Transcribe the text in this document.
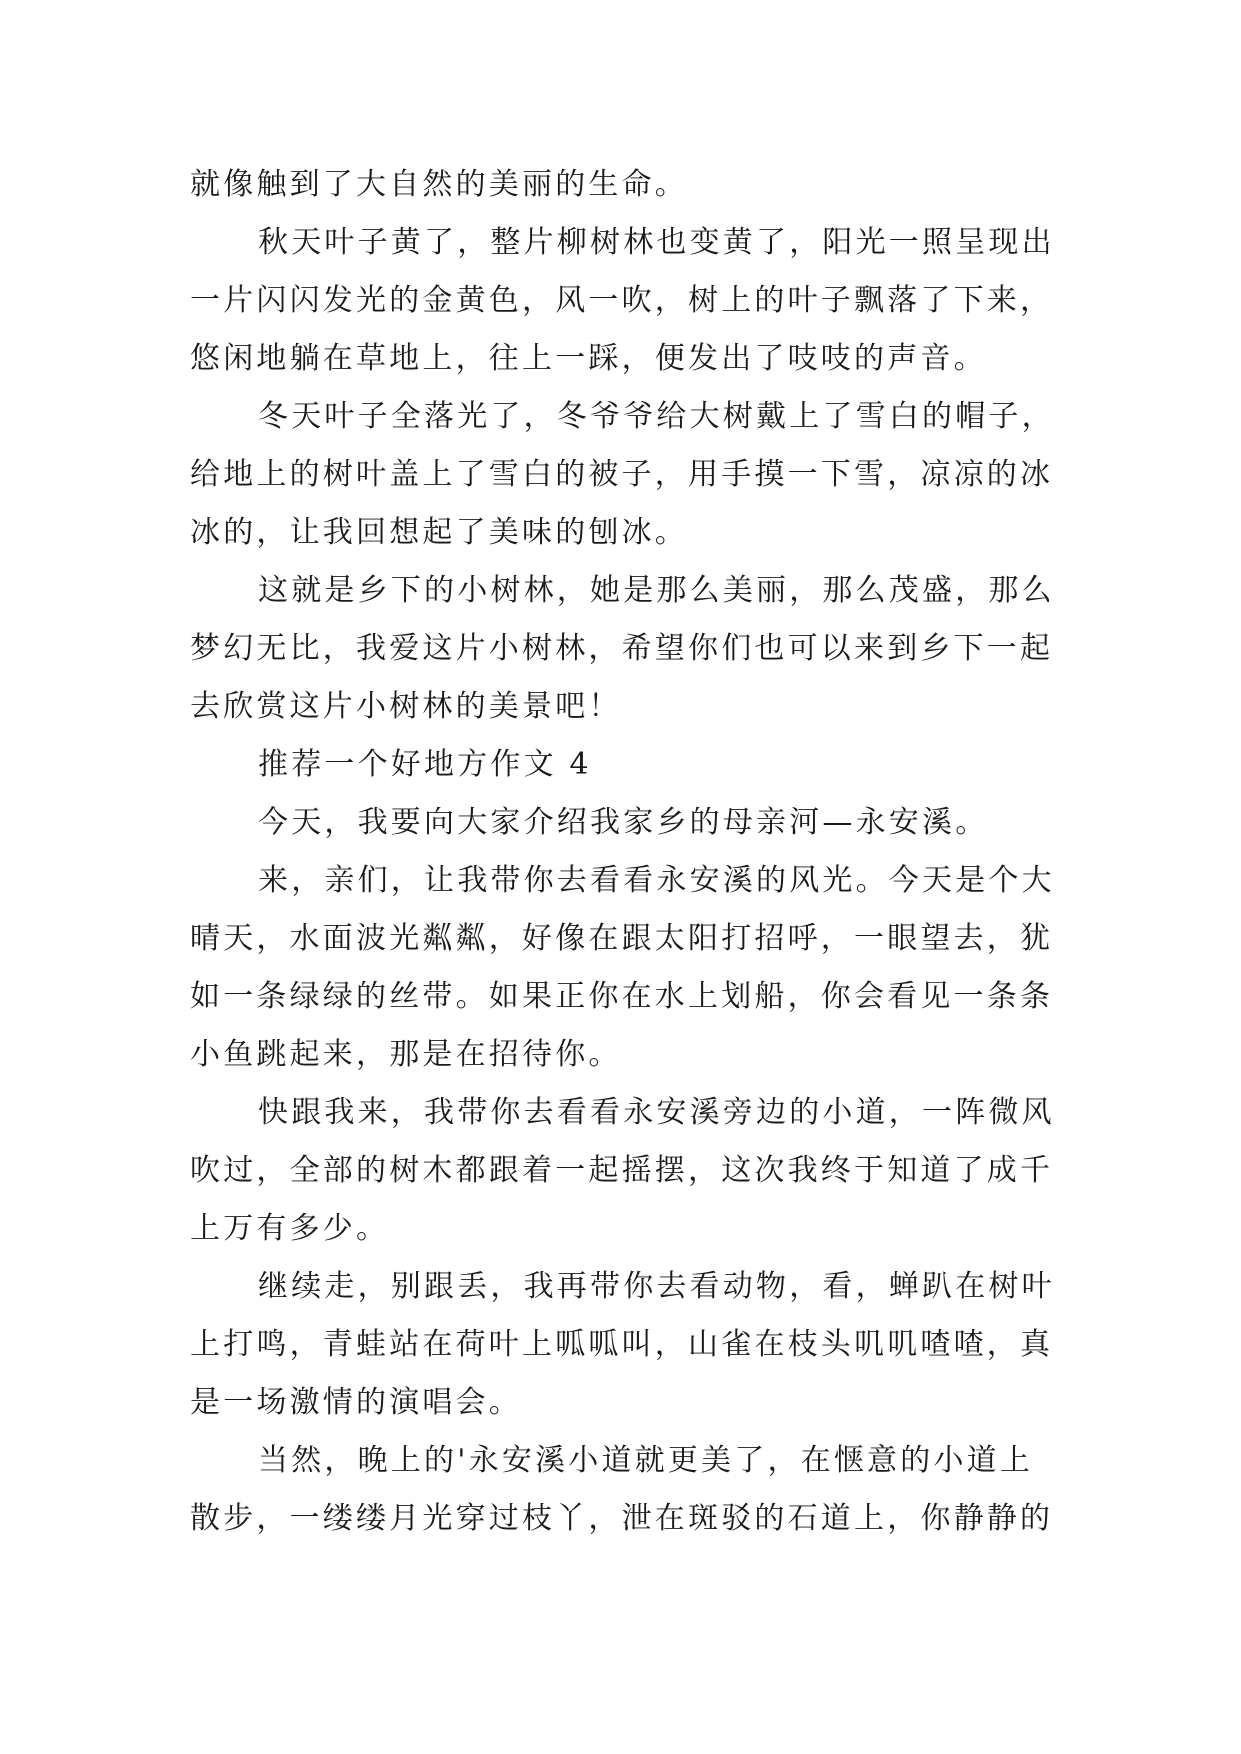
就像触到了大自然的美丽的生命。
秋天叶子黄了，整片柳树林也变黄了，阳光一照呈现出
一片闪闪发光的金黄色，风一吹，树上的叶子飘落了下来，
悠闲地躺在草地上，往上一踩，便发出了吱吱的声音。
冬天叶子全落光了，冬爷爷给大树戴上了雪白的帽子，
给地上的树叶盖上了雪白的被子，用手摸一下雪，凉凉的冰
冰的，让我回想起了美味的刨冰。
这就是乡下的小树林，她是那么美丽，那么茂盛，那么
梦幻无比，我爱这片小树林，希望你们也可以来到乡下一起
去欣赏这片小树林的美景吧！
推荐一个好地方作文 4
今天，我要向大家介绍我家乡的母亲河—永安溪。
来，亲们，让我带你去看看永安溪的风光。今天是个大
晴天，水面波光粼粼，好像在跟太阳打招呼，一眼望去，犹
如一条绿绿的丝带。如果正你在水上划船，你会看见一条条
小鱼跳起来，那是在招待你。
快跟我来，我带你去看看永安溪旁边的小道，一阵微风
吹过，全部的树木都跟着一起摇摆，这次我终于知道了成千
上万有多少。
继续走，别跟丢，我再带你去看动物，看，蝉趴在树叶
上打鸣，青蛙站在荷叶上呱呱叫，山雀在枝头叽叽喳喳，真
是一场激情的演唱会。
当然，晚上的'永安溪小道就更美了，在惬意的小道上
散步，一缕缕月光穿过枝丫，泄在斑驳的石道上，你静静的
